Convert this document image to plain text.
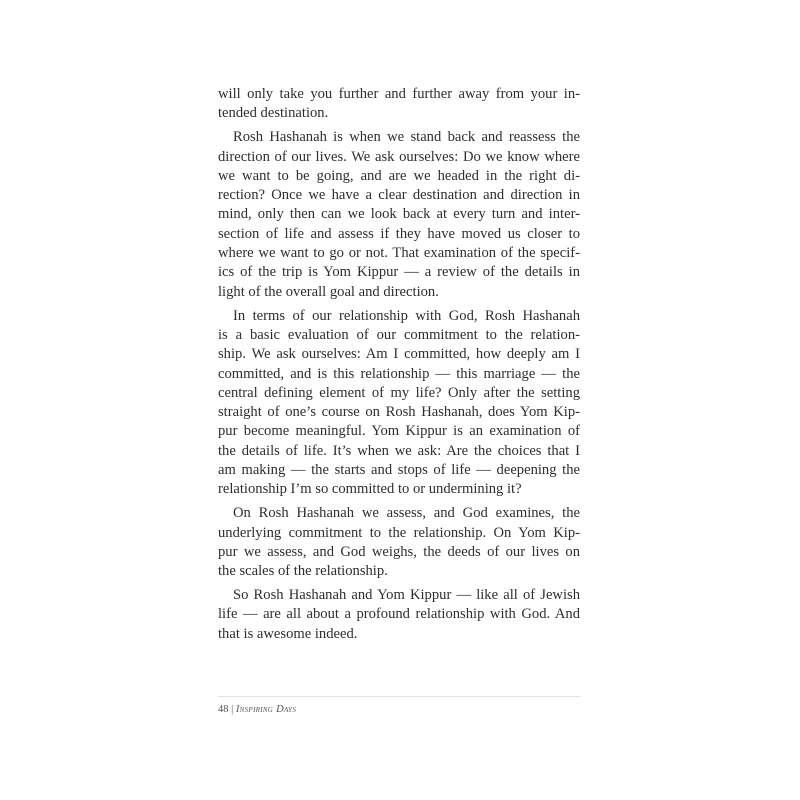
will only take you further and further away from your in-
tended destination.
Rosh Hashanah is when we stand back and reassess the
direction of our lives. We ask ourselves: Do we know where
we want to be going, and are we headed in the right di-
rection? Once we have a clear destination and direction in
mind, only then can we look back at every turn and inter-
section of life and assess if they have moved us closer to
where we want to go or not. That examination of the specif-
ics of the trip is Yom Kippur — a review of the details in
light of the overall goal and direction.
In terms of our relationship with God, Rosh Hashanah
is a basic evaluation of our commitment to the relation-
ship. We ask ourselves: Am I committed, how deeply am I
committed, and is this relationship — this marriage — the
central defining element of my life? Only after the setting
straight of one’s course on Rosh Hashanah, does Yom Kip-
pur become meaningful. Yom Kippur is an examination of
the details of life. It’s when we ask: Are the choices that I
am making — the starts and stops of life — deepening the
relationship I’m so committed to or undermining it?
On Rosh Hashanah we assess, and God examines, the
underlying commitment to the relationship. On Yom Kip-
pur we assess, and God weighs, the deeds of our lives on
the scales of the relationship.
So Rosh Hashanah and Yom Kippur — like all of Jewish
life — are all about a profound relationship with God. And
that is awesome indeed.
48 | Inspiring Days
